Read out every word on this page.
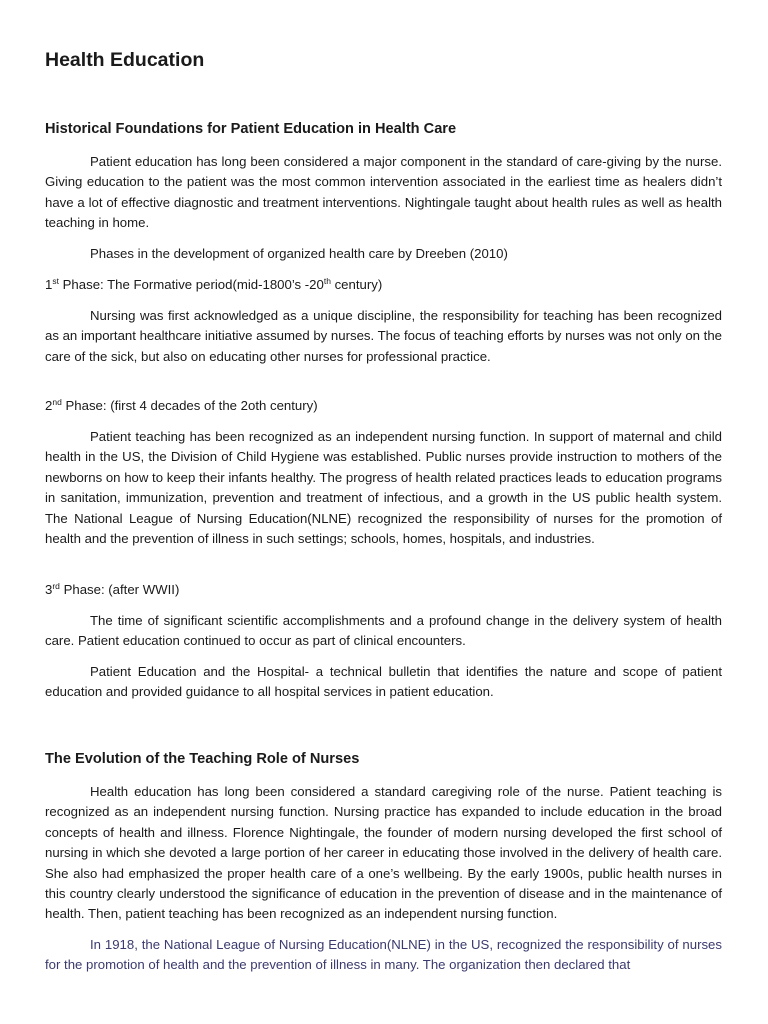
Health Education
Historical Foundations for Patient Education in Health Care

Patient education has long been considered a major component in the standard of care-giving by the nurse. Giving education to the patient was the most common intervention associated in the earliest time as healers didn’t have a lot of effective diagnostic and treatment interventions. Nightingale taught about health rules as well as health teaching in home.

Phases in the development of organized health care by Dreeben (2010)

1st Phase: The Formative period(mid-1800’s -20th century)

Nursing was first acknowledged as a unique discipline, the responsibility for teaching has been recognized as an important healthcare initiative assumed by nurses. The focus of teaching efforts by nurses was not only on the care of the sick, but also on educating other nurses for professional practice.

2nd Phase: (first 4 decades of the 2oth century)

Patient teaching has been recognized as an independent nursing function. In support of maternal and child health in the US, the Division of Child Hygiene was established. Public nurses provide instruction to mothers of the newborns on how to keep their infants healthy. The progress of health related practices leads to education programs in sanitation, immunization, prevention and treatment of infectious, and a growth in the US public health system. The National League of Nursing Education(NLNE) recognized the responsibility of nurses for the promotion of health and the prevention of illness in such settings; schools, homes, hospitals, and industries.

3rd Phase: (after WWII)

The time of significant scientific accomplishments and a profound change in the delivery system of health care. Patient education continued to occur as part of clinical encounters.

Patient Education and the Hospital- a technical bulletin that identifies the nature and scope of patient education and provided guidance to all hospital services in patient education.

The Evolution of the Teaching Role of Nurses

Health education has long been considered a standard caregiving role of the nurse. Patient teaching is recognized as an independent nursing function. Nursing practice has expanded to include education in the broad concepts of health and illness. Florence Nightingale, the founder of modern nursing developed the first school of nursing in which she devoted a large portion of her career in educating those involved in the delivery of health care. She also had emphasized the proper health care of a one’s wellbeing. By the early 1900s, public health nurses in this country clearly understood the significance of education in the prevention of disease and in the maintenance of health. Then, patient teaching has been recognized as an independent nursing function.

In 1918, the National League of Nursing Education(NLNE) in the US, recognized the responsibility of nurses for the promotion of health and the prevention of illness in many. The organization then declared that
